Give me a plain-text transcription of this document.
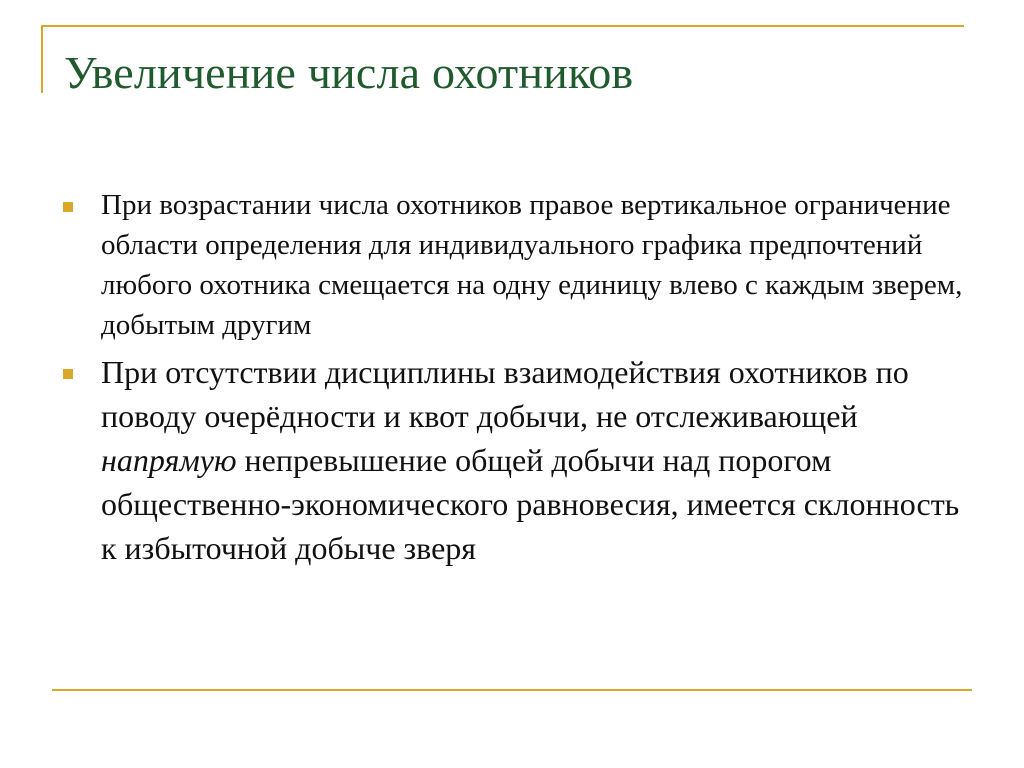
Увеличение числа охотников
При возрастании числа охотников правое вертикальное ограничение области определения для индивидуального графика предпочтений любого охотника смещается на одну единицу влево с каждым зверем, добытым другим
При отсутствии дисциплины взаимодействия охотников по поводу очерёдности и квот добычи, не отслеживающей напрямую непревышение общей добычи над порогом общественно-экономического равновесия, имеется склонность к избыточной добыче зверя
